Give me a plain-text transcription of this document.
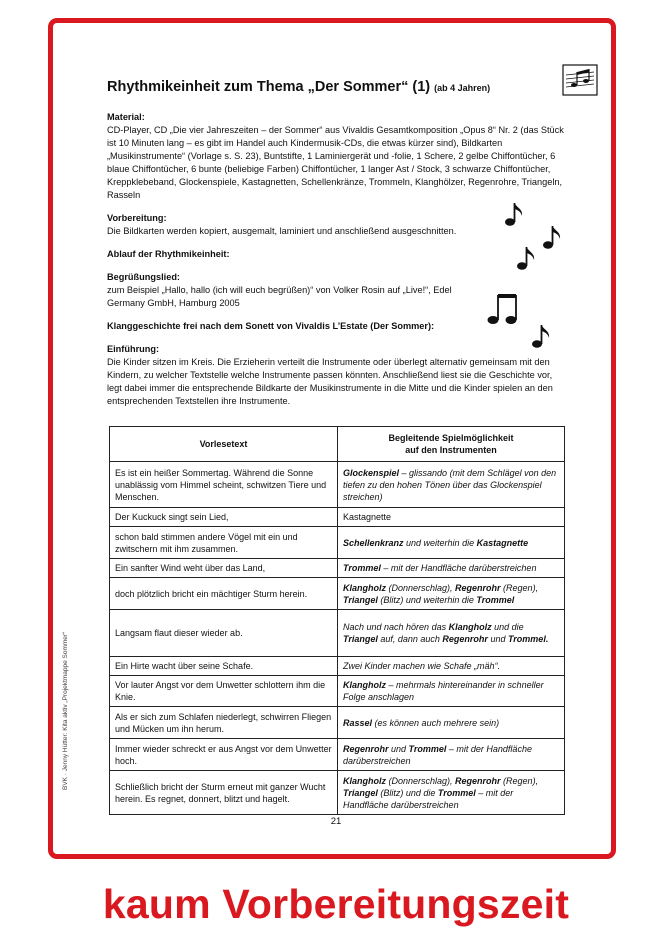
BVK · Jenny Hütter: Kita aktiv „Projektmappe Sommer“
Rhythmikeinheit zum Thema „Der Sommer“ (1) (ab 4 Jahren)
Material:
CD-Player, CD „Die vier Jahreszeiten – der Sommer“ aus Vivaldis Gesamtkomposition „Opus 8“ Nr. 2 (das Stück ist 10 Minuten lang – es gibt im Handel auch Kindermusik-CDs, die etwas kürzer sind), Bildkarten „Musikinstrumente“ (Vorlage s. S. 23), Buntstifte, 1 Laminiergerät und -folie, 1 Schere, 2 gelbe Chiffontücher, 6 blaue Chiffontücher, 6 bunte (beliebige Farben) Chiffontücher, 1 langer Ast / Stock, 3 schwarze Chiffontücher, Kreppklebeband, Glockenspiele, Kastagnetten, Schellenkränze, Trommeln, Klanghölzer, Regenrohre, Triangeln, Rasseln
Vorbereitung:
Die Bildkarten werden kopiert, ausgemalt, laminiert und anschließend ausgeschnitten.
Ablauf der Rhythmikeinheit:
Begrüßungslied:
zum Beispiel „Hallo, hallo (ich will euch begrüßen)“ von Volker Rosin auf „Live!“, Edel Germany GmbH, Hamburg 2005
Klanggeschichte frei nach dem Sonett von Vivaldis L’Estate (Der Sommer):
Einführung:
Die Kinder sitzen im Kreis. Die Erzieherin verteilt die Instrumente oder überlegt alternativ gemeinsam mit den Kindern, zu welcher Textstelle welche Instrumente passen könnten. Anschließend liest sie die Geschichte vor, legt dabei immer die entsprechende Bildkarte der Musikinstrumente in die Mitte und die Kinder spielen an den entsprechenden Textstellen ihre Instrumente.
Vorlesetext	Begleitende Spielmöglichkeit
auf den Instrumenten
Es ist ein heißer Sommertag. Während die Sonne unablässig vom Himmel scheint, schwitzen Tiere und Menschen.	Glockenspiel – glissando (mit dem Schlägel von den tiefen zu den hohen Tönen über das Glockenspiel streichen)
Der Kuckuck singt sein Lied,	Kastagnette
schon bald stimmen andere Vögel mit ein und zwitschern mit ihm zusammen.	Schellenkranz und weiterhin die Kastagnette
Ein sanfter Wind weht über das Land,	Trommel – mit der Handfläche darüberstreichen
doch plötzlich bricht ein mächtiger Sturm herein.	Klangholz (Donnerschlag), Regenrohr (Regen), Triangel (Blitz) und weiterhin die Trommel
Langsam flaut dieser wieder ab.	Nach und nach hören das Klangholz und die Triangel auf, dann auch Regenrohr und Trommel.
Ein Hirte wacht über seine Schafe.	Zwei Kinder machen wie Schafe „mäh“.
Vor lauter Angst vor dem Unwetter schlottern ihm die Knie.	Klangholz – mehrmals hintereinander in schneller Folge anschlagen
Als er sich zum Schlafen niederlegt, schwirren Fliegen und Mücken um ihn herum.	Rassel (es können auch mehrere sein)
Immer wieder schreckt er aus Angst vor dem Unwetter hoch.	Regenrohr und Trommel – mit der Handfläche darüberstreichen
Schließlich bricht der Sturm erneut mit ganzer Wucht herein. Es regnet, donnert, blitzt und hagelt.	Klangholz (Donnerschlag), Regenrohr (Regen), Triangel (Blitz) und die Trommel – mit der Handfläche darüberstreichen
21
kaum Vorbereitungszeit
